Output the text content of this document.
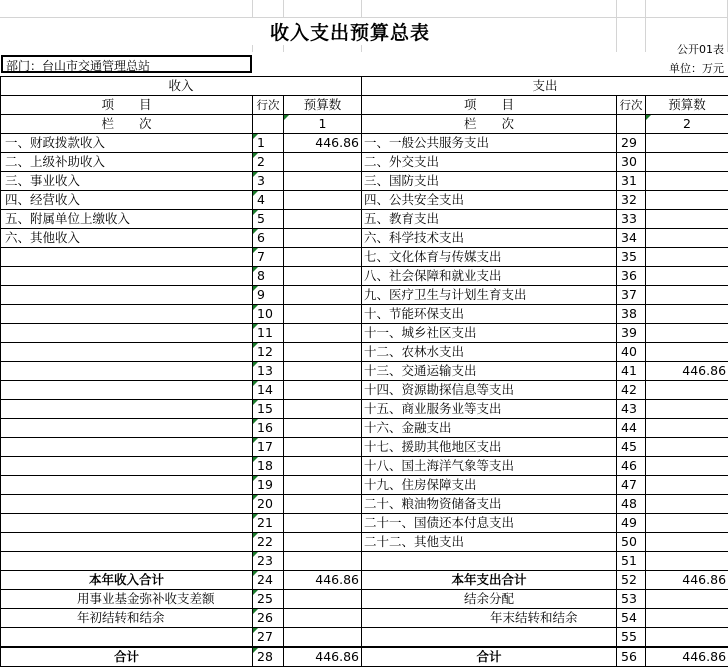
收入支出预算总表
公开01表
部门：台山市交通管理总站	单位：万元
收入			支出		
项　　目	行次	预算数	项　　目	行次	预算数
栏　　次		1	栏　　次		2
一、财政拨款收入	1	446.86	一、一般公共服务支出	29	
二、上级补助收入	2		二、外交支出	30	
三、事业收入	3		三、国防支出	31	
四、经营收入	4		四、公共安全支出	32	
五、附属单位上缴收入	5		五、教育支出	33	
六、其他收入	6		六、科学技术支出	34	
	7		七、文化体育与传媒支出	35	
	8		八、社会保障和就业支出	36	
	9		九、医疗卫生与计划生育支出	37	
	10		十、节能环保支出	38	
	11		十一、城乡社区支出	39	
	12		十二、农林水支出	40	
	13		十三、交通运输支出	41	446.86
	14		十四、资源勘探信息等支出	42	
	15		十五、商业服务业等支出	43	
	16		十六、金融支出	44	
	17		十七、援助其他地区支出	45	
	18		十八、国土海洋气象等支出	46	
	19		十九、住房保障支出	47	
	20		二十、粮油物资储备支出	48	
	21		二十一、国债还本付息支出	49	
	22		二十二、其他支出	50	
	23			51	
本年收入合计	24	446.86	本年支出合计	52	446.86
用事业基金弥补收支差额	25		结余分配	53	
年初结转和结余	26		年末结转和结余	54	
	27			55	
合计	28	446.86	合计	56	446.86
